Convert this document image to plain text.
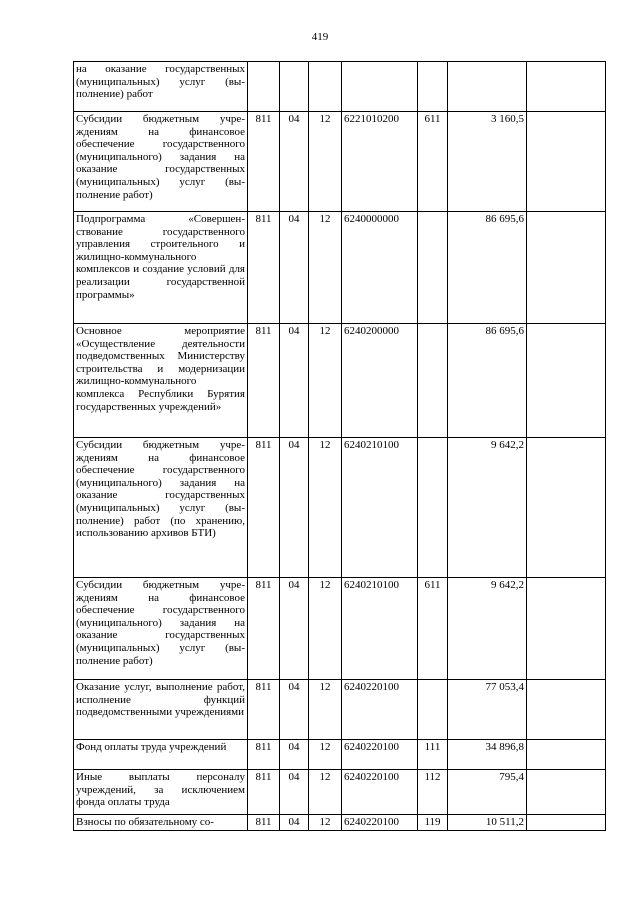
419
на оказание государственных (муниципальных) услуг (выполнение) работ							
Субсидии бюджетным учреждениям на финансовое обеспечение государственного (муниципального) задания на оказание государственных (муниципальных) услуг (выполнение работ)	811	04	12	6221010200	611	3 160,5	
Подпрограмма «Совершенствование государственного управления строительного и жилищно-коммунального комплексов и создание условий для реализации государственной программы»	811	04	12	6240000000		86 695,6	
Основное мероприятие «Осуществление деятельности подведомственных Министерству строительства и модернизации жилищно-коммунального комплекса Республики Бурятия государственных учреждений»	811	04	12	6240200000		86 695,6	
Субсидии бюджетным учреждениям на финансовое обеспечение государственного (муниципального) задания на оказание государственных (муниципальных) услуг (выполнение) работ (по хранению, использованию архивов БТИ)	811	04	12	6240210100		9 642,2	
Субсидии бюджетным учреждениям на финансовое обеспечение государственного (муниципального) задания на оказание государственных (муниципальных) услуг (выполнение работ)	811	04	12	6240210100	611	9 642,2	
Оказание услуг, выполнение работ, исполнение функций подведомственными учреждениями	811	04	12	6240220100		77 053,4	
Фонд оплаты труда учреждений	811	04	12	6240220100	111	34 896,8	
Иные выплаты персоналу учреждений, за исключением фонда оплаты труда	811	04	12	6240220100	112	795,4	
Взносы по обязательному со-	811	04	12	6240220100	119	10 511,2	
